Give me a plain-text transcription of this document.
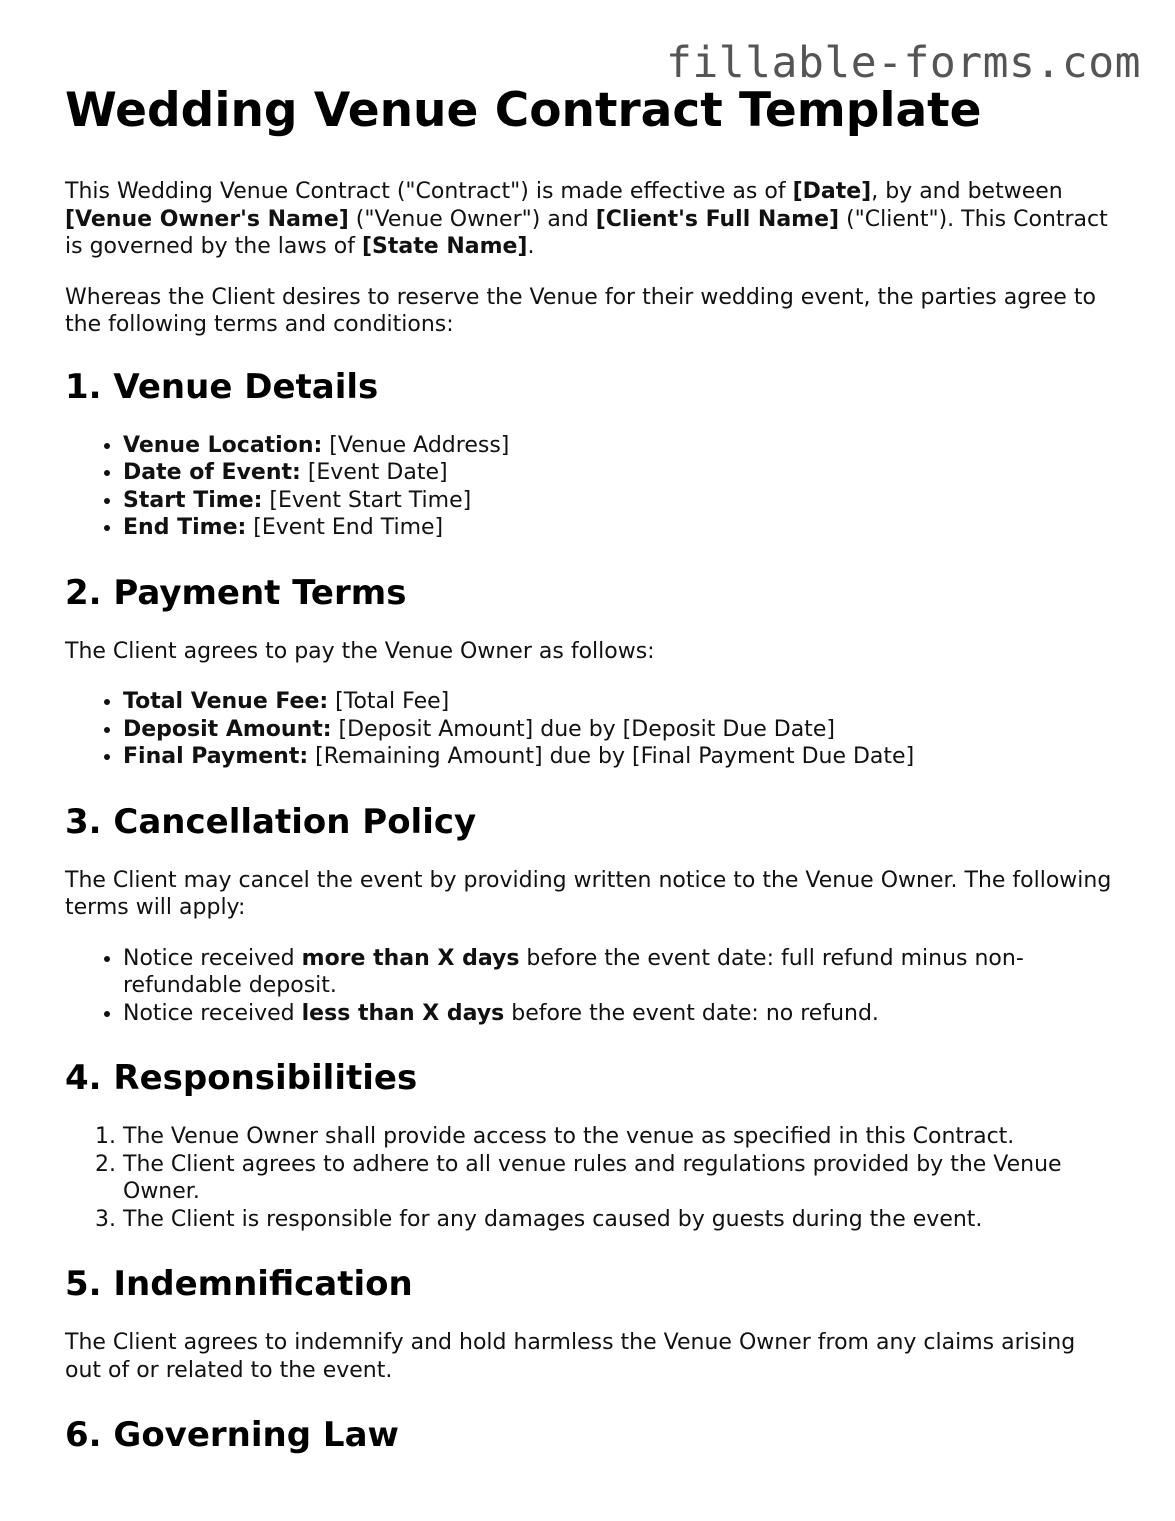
fillable-forms.com
Wedding Venue Contract Template

This Wedding Venue Contract ("Contract") is made effective as of [Date], by and between [Venue Owner's Name] ("Venue Owner") and [Client's Full Name] ("Client"). This Contract is governed by the laws of [State Name].

Whereas the Client desires to reserve the Venue for their wedding event, the parties agree to the following terms and conditions:

1. Venue Details
• Venue Location: [Venue Address]
• Date of Event: [Event Date]
• Start Time: [Event Start Time]
• End Time: [Event End Time]
2. Payment Terms

The Client agrees to pay the Venue Owner as follows:

• Total Venue Fee: [Total Fee]
• Deposit Amount: [Deposit Amount] due by [Deposit Due Date]
• Final Payment: [Remaining Amount] due by [Final Payment Due Date]
3. Cancellation Policy

The Client may cancel the event by providing written notice to the Venue Owner. The following terms will apply:

• Notice received more than X days before the event date: full refund minus non-refundable deposit.
• Notice received less than X days before the event date: no refund.
4. Responsibilities
1. The Venue Owner shall provide access to the venue as specified in this Contract.
2. The Client agrees to adhere to all venue rules and regulations provided by the Venue Owner.
3. The Client is responsible for any damages caused by guests during the event.
5. Indemnification

The Client agrees to indemnify and hold harmless the Venue Owner from any claims arising out of or related to the event.

6. Governing Law
